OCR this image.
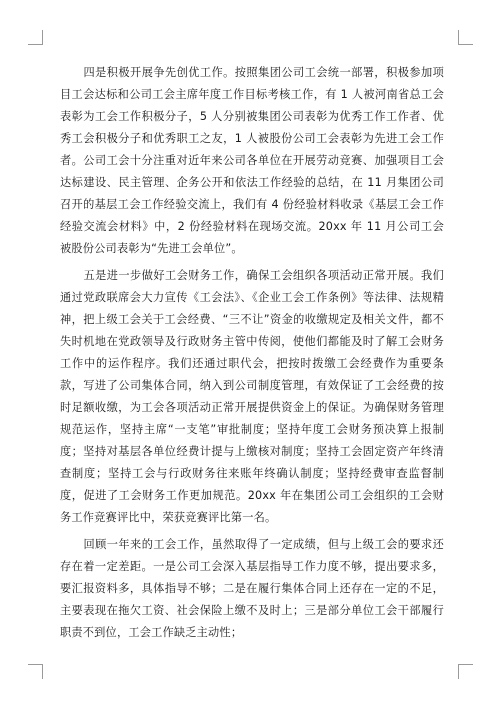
四是积极开展争先创优工作。按照集团公司工会统一部署，积极参加项目工会达标和公司工会主席年度工作目标考核工作，有 1 人被河南省总工会表彰为工会工作积极分子，5 人分别被集团公司表彰为优秀工作工作者、优秀工会积极分子和优秀职工之友，1 人被股份公司工会表彰为先进工会工作者。公司工会十分注重对近年来公司各单位在开展劳动竞赛、加强项目工会达标建设、民主管理、企务公开和依法工作经验的总结，在 11 月集团公司召开的基层工会工作经验交流上，我们有 4 份经验材料收录《基层工会工作经验交流会材料》中，2 份经验材料在现场交流。20xx 年 11 月公司工会被股份公司表彰为“先进工会单位”。

五是进一步做好工会财务工作，确保工会组织各项活动正常开展。我们通过党政联席会大力宣传《工会法》、《企业工会工作条例》等法律、法规精神，把上级工会关于工会经费、“三不让”资金的收缴规定及相关文件，都不失时机地在党政领导及行政财务主管中传阅，使他们都能及时了解工会财务工作中的运作程序。我们还通过职代会，把按时拨缴工会经费作为重要条款，写进了公司集体合同，纳入到公司制度管理，有效保证了工会经费的按时足额收缴，为工会各项活动正常开展提供资金上的保证。为确保财务管理规范运作，坚持主席“一支笔”审批制度；坚持年度工会财务预决算上报制度；坚持对基层各单位经费计提与上缴核对制度；坚持工会固定资产年终清查制度；坚持工会与行政财务往来账年终确认制度；坚持经费审查监督制度，促进了工会财务工作更加规范。20xx 年在集团公司工会组织的工会财务工作竞赛评比中，荣获竞赛评比第一名。

回顾一年来的工会工作，虽然取得了一定成绩，但与上级工会的要求还存在着一定差距。一是公司工会深入基层指导工作力度不够，提出要求多，要汇报资料多，具体指导不够；二是在履行集体合同上还存在一定的不足，主要表现在拖欠工资、社会保险上缴不及时上；三是部分单位工会干部履行职责不到位，工会工作缺乏主动性；
